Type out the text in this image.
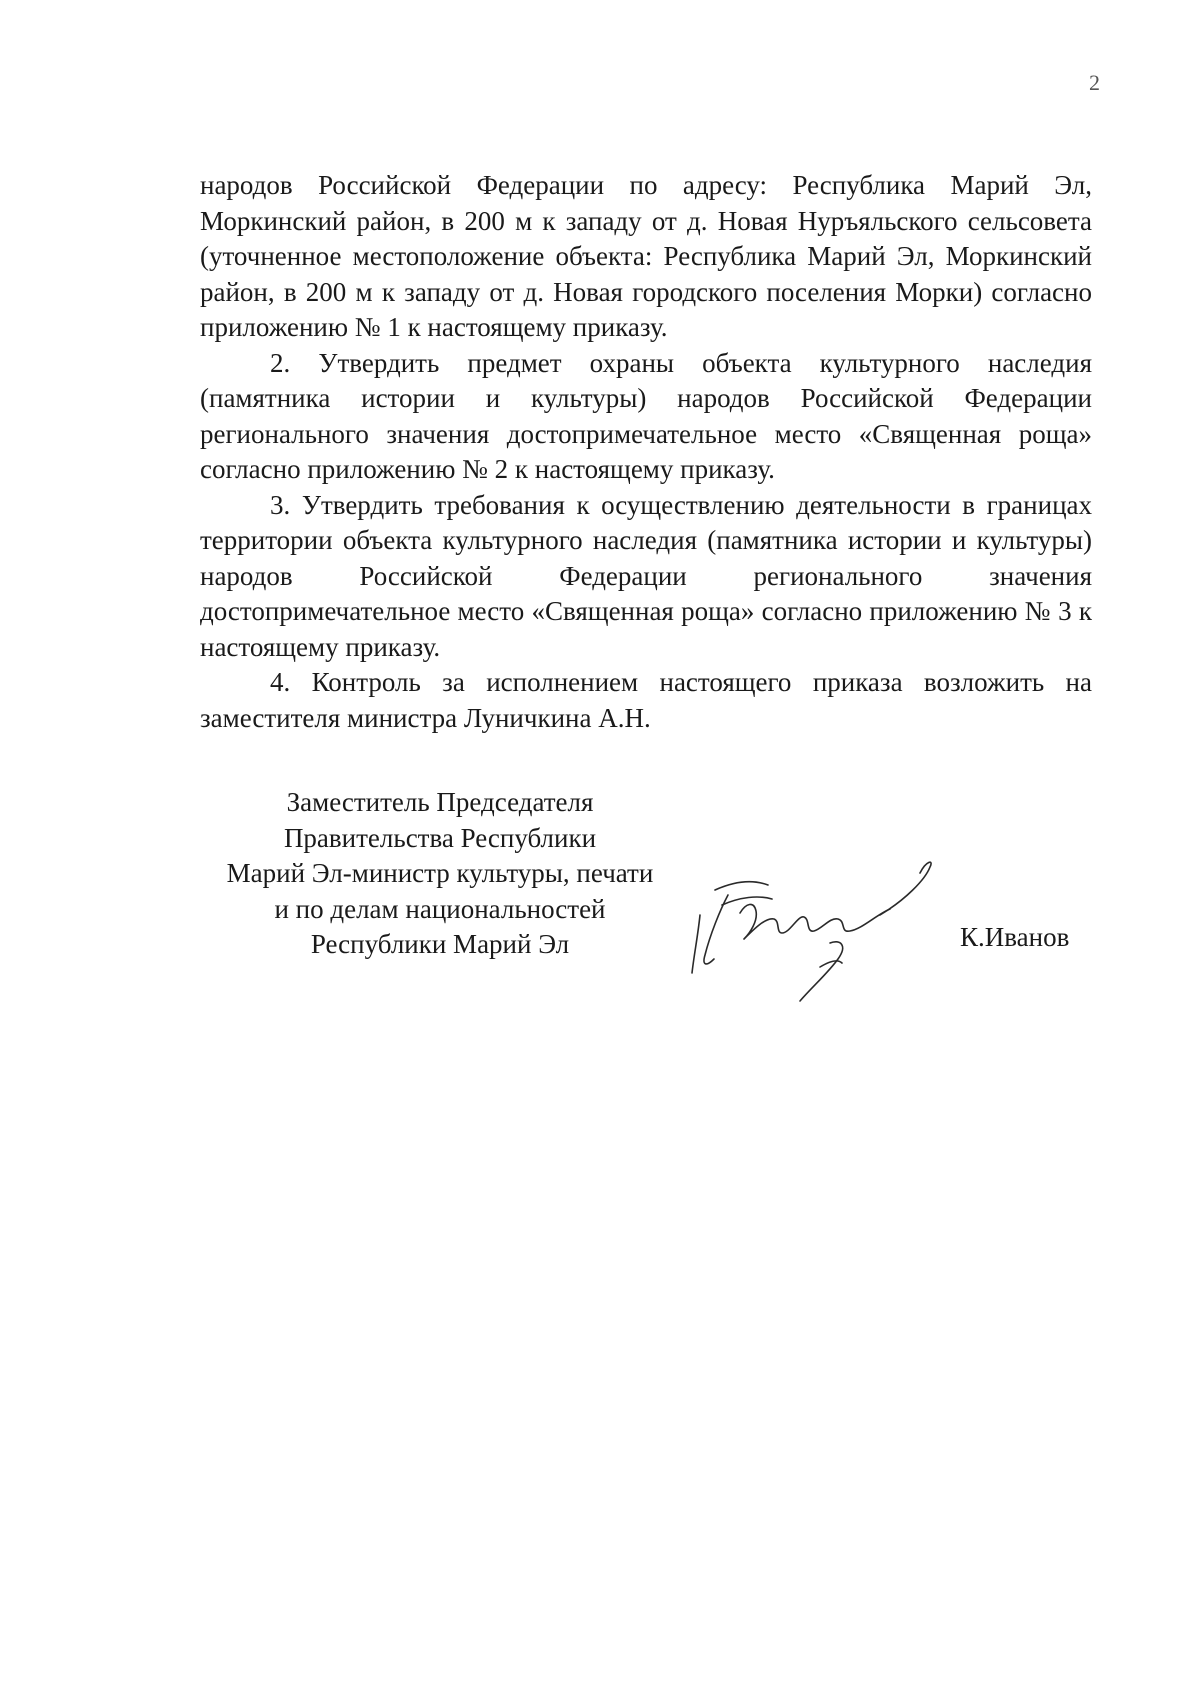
2

народов Российской Федерации по адресу: Республика Марий Эл, Моркинский район, в 200 м к западу от д. Новая Нуръяльского сельсовета (уточненное местоположение объекта: Республика Марий Эл, Моркинский район, в 200 м к западу от д. Новая городского поселения Морки) согласно приложению № 1 к настоящему приказу.

2. Утвердить предмет охраны объекта культурного наследия (памятника истории и культуры) народов Российской Федерации регионального значения достопримечательное место «Священная роща» согласно приложению № 2 к настоящему приказу.

3. Утвердить требования к осуществлению деятельности в границах территории объекта культурного наследия (памятника истории и культуры) народов Российской Федерации регионального значения достопримечательное место «Священная роща» согласно приложению № 3 к настоящему приказу.

4. Контроль за исполнением настоящего приказа возложить на заместителя министра Луничкина А.Н.

Заместитель Председателя
Правительства Республики
Марий Эл-министр культуры, печати
и по делам национальностей
Республики Марий Эл	К.Иванов
